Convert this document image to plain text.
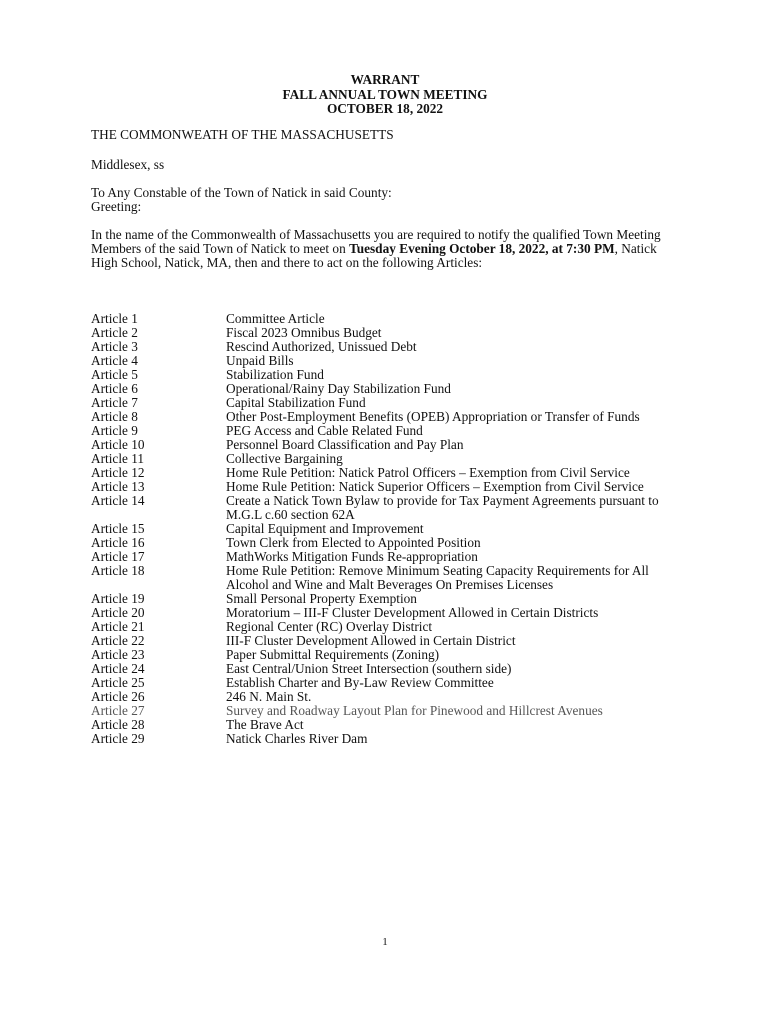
WARRANT
FALL ANNUAL TOWN MEETING
OCTOBER 18, 2022
THE COMMONWEATH OF THE MASSACHUSETTS
Middlesex, ss
To Any Constable of the Town of Natick in said County:
Greeting:
In the name of the Commonwealth of Massachusetts you are required to notify the qualified Town Meeting Members of the said Town of Natick to meet on Tuesday Evening October 18, 2022, at 7:30 PM, Natick High School, Natick, MA, then and there to act on the following Articles:
Article 1	Committee Article
Article 2	Fiscal 2023 Omnibus Budget
Article 3	Rescind Authorized, Unissued Debt
Article 4	Unpaid Bills
Article 5	Stabilization Fund
Article 6	Operational/Rainy Day Stabilization Fund
Article 7	Capital Stabilization Fund
Article 8	Other Post-Employment Benefits (OPEB) Appropriation or Transfer of Funds
Article 9	PEG Access and Cable Related Fund
Article 10	Personnel Board Classification and Pay Plan
Article 11	Collective Bargaining
Article 12	Home Rule Petition: Natick Patrol Officers – Exemption from Civil Service
Article 13	Home Rule Petition: Natick Superior Officers – Exemption from Civil Service
Article 14	Create a Natick Town Bylaw to provide for Tax Payment Agreements pursuant to M.G.L c.60 section 62A
Article 15	Capital Equipment and Improvement
Article 16	Town Clerk from Elected to Appointed Position
Article 17	MathWorks Mitigation Funds Re-appropriation
Article 18	Home Rule Petition: Remove Minimum Seating Capacity Requirements for All Alcohol and Wine and Malt Beverages On Premises Licenses
Article 19	Small Personal Property Exemption
Article 20	Moratorium – III-F Cluster Development Allowed in Certain Districts
Article 21	Regional Center (RC) Overlay District
Article 22	III-F Cluster Development Allowed in Certain District
Article 23	Paper Submittal Requirements (Zoning)
Article 24	East Central/Union Street Intersection (southern side)
Article 25	Establish Charter and By-Law Review Committee
Article 26	246 N. Main St.
Article 27	Survey and Roadway Layout Plan for Pinewood and Hillcrest Avenues
Article 28	The Brave Act
Article 29	Natick Charles River Dam
1
